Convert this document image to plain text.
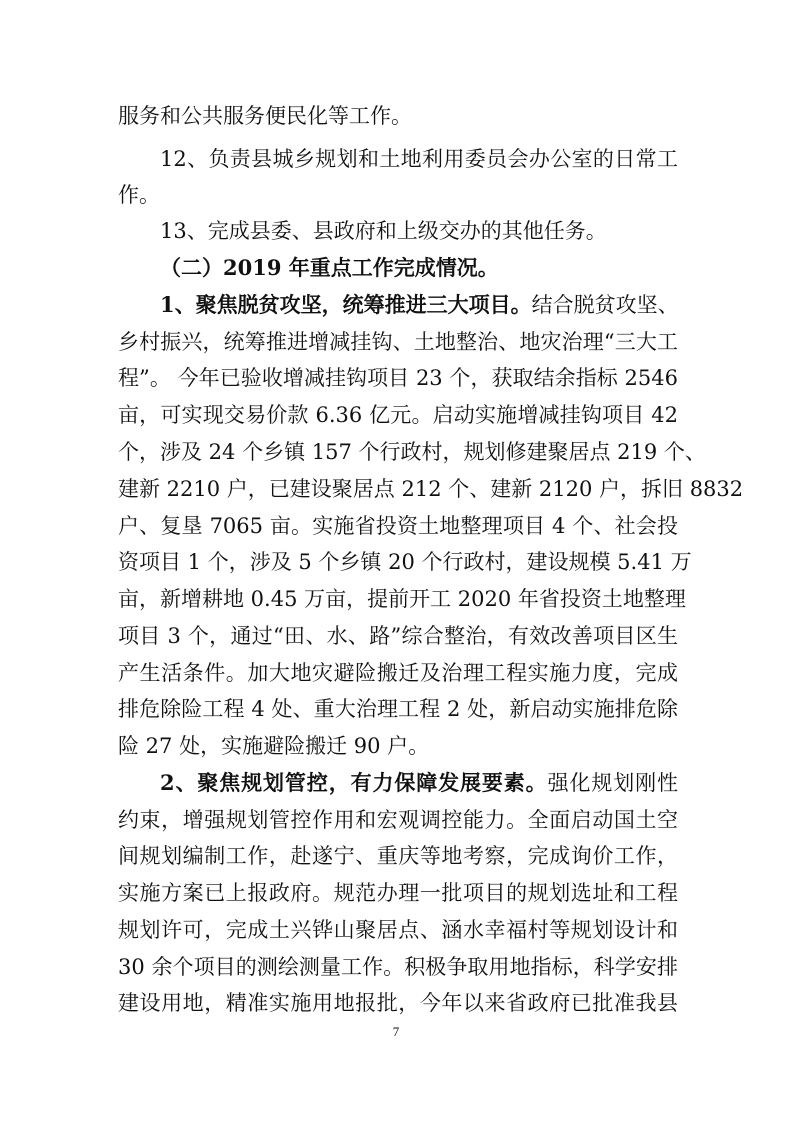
服务和公共服务便民化等工作。
12、负责县城乡规划和土地利用委员会办公室的日常工
作。
13、完成县委、县政府和上级交办的其他任务。
（二）2019 年重点工作完成情况。
1、聚焦脱贫攻坚，统筹推进三大项目。结合脱贫攻坚、
乡村振兴，统筹推进增减挂钩、土地整治、地灾治理“三大工
程”。 今年已验收增减挂钩项目 23 个，获取结余指标 2546
亩，可实现交易价款 6.36 亿元。启动实施增减挂钩项目 42
个，涉及 24 个乡镇 157 个行政村，规划修建聚居点 219 个、
建新 2210 户，已建设聚居点 212 个、建新 2120 户，拆旧 8832
户、复垦 7065 亩。实施省投资土地整理项目 4 个、社会投
资项目 1 个，涉及 5 个乡镇 20 个行政村，建设规模 5.41 万
亩，新增耕地 0.45 万亩，提前开工 2020 年省投资土地整理
项目 3 个，通过“田、水、路”综合整治，有效改善项目区生
产生活条件。加大地灾避险搬迁及治理工程实施力度，完成
排危除险工程 4 处、重大治理工程 2 处，新启动实施排危除
险 27 处，实施避险搬迁 90 户。
2、聚焦规划管控，有力保障发展要素。强化规划刚性
约束，增强规划管控作用和宏观调控能力。全面启动国土空
间规划编制工作，赴遂宁、重庆等地考察，完成询价工作，
实施方案已上报政府。规范办理一批项目的规划选址和工程
规划许可，完成土兴铧山聚居点、涵水幸福村等规划设计和
30 余个项目的测绘测量工作。积极争取用地指标，科学安排
建设用地，精准实施用地报批，今年以来省政府已批准我县
7
